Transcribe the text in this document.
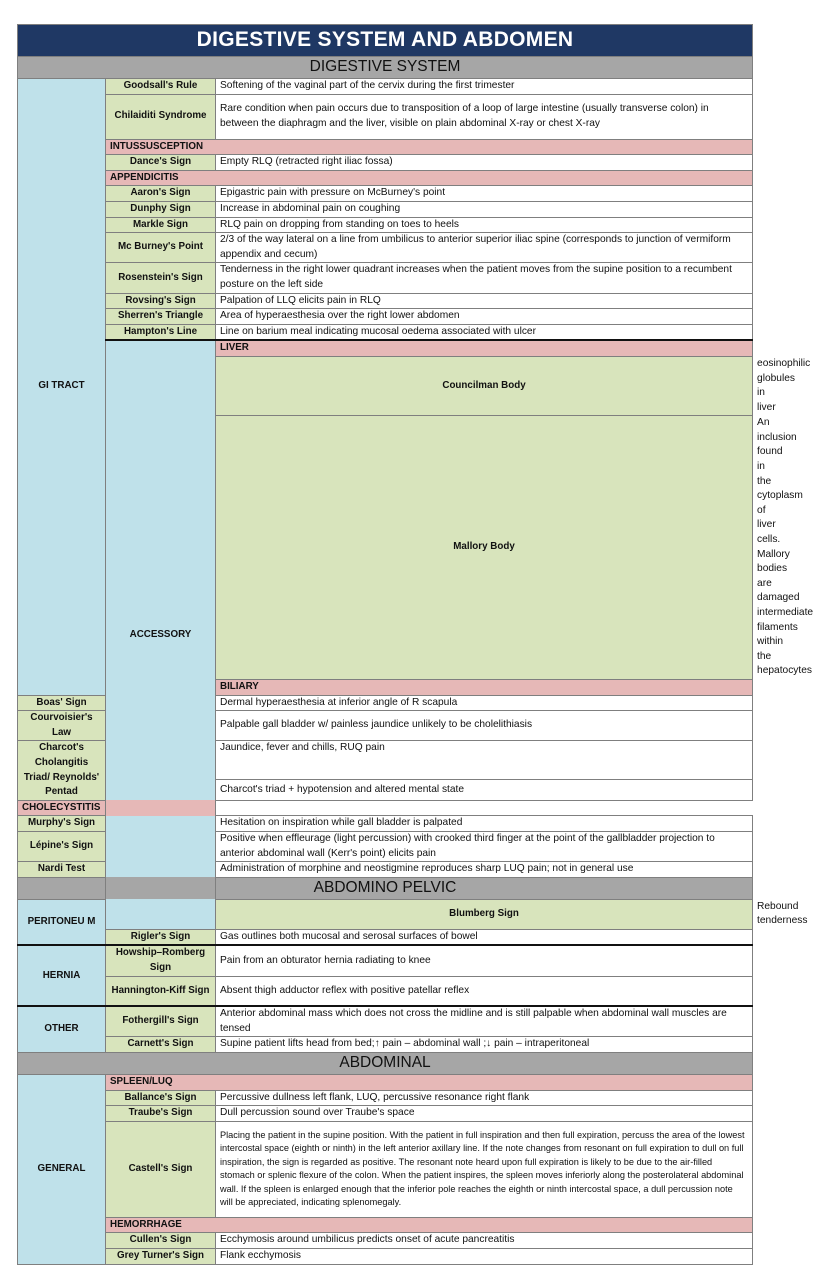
DIGESTIVE SYSTEM AND ABDOMEN			
DIGESTIVE SYSTEM			
GI TRACT	Goodsall's Rule	Softening of the vaginal part of the cervix during the first trimester	
	Chilaiditi Syndrome	Rare condition when pain occurs due to transposition of a loop of large intestine (usually transverse colon) in between the diaphragm and the liver, visible on plain abdominal X-ray or chest X-ray	
	INTUSSUSCEPTION		
	Dance's Sign	Empty RLQ (retracted right iliac fossa)	
	APPENDICITIS		
	Aaron's Sign	Epigastric pain with pressure on McBurney's point	
	Dunphy Sign	Increase in abdominal pain on coughing	
	Markle Sign	RLQ pain on dropping from standing on toes to heels	
	Mc Burney's Point	2/3 of the way lateral on a line from umbilicus to anterior superior iliac spine (corresponds to junction of vermiform appendix and cecum)	
	Rosenstein's Sign	Tenderness in the right lower quadrant increases when the patient moves from the supine position to a recumbent posture on the left side	
	Rovsing's Sign	Palpation of LLQ elicits pain in RLQ	
	Sherren's Triangle	Area of hyperaesthesia over the right lower abdomen	
	Hampton's Line	Line on barium meal indicating mucosal oedema associated with ulcer	
	ACCESSORY	LIVER	
		Councilman Body	eosinophilic globules in liver
		Mallory Body	An inclusion found in the cytoplasm of liver cells. Mallory bodies are damaged intermediate filaments within the hepatocytes
		BILIARY	
Boas' Sign		Dermal hyperaesthesia at inferior angle of R scapula	
Courvoisier's Law		Palpable gall bladder w/ painless jaundice unlikely to be cholelithiasis	
Charcot's Cholangitis Triad/ Reynolds' Pentad		Jaundice, fever and chills, RUQ pain	
		Charcot's triad + hypotension and altered mental state	
CHOLECYSTITIS			
Murphy's Sign		Hesitation on inspiration while gall bladder is palpated	
Lépine's Sign		Positive when effleurage (light percussion) with crooked third finger at the point of the gallbladder projection to anterior abdominal wall (Kerr's point) elicits pain	
Nardi Test		Administration of morphine and neostigmine reproduces sharp LUQ pain; not in general use	
ABDOMINO PELVIC			
PERITONEU M		Blumberg Sign	Rebound tenderness
	Rigler's Sign	Gas outlines both mucosal and serosal surfaces of bowel	
HERNIA	Howship–Romberg Sign	Pain from an obturator hernia radiating to knee	
	Hannington-Kiff Sign	Absent thigh adductor reflex with positive patellar reflex	
OTHER	Fothergill's Sign	Anterior abdominal mass which does not cross the midline and is still palpable when abdominal wall muscles are tensed	
	Carnett's Sign	Supine patient lifts head from bed;↑ pain – abdominal wall ;↓ pain – intraperitoneal	
ABDOMINAL			
GENERAL	SPLEEN/LUQ		
	Ballance's Sign	Percussive dullness left flank, LUQ, percussive resonance right flank	
	Traube's Sign	Dull percussion sound over Traube's space	
	Castell's Sign	Placing the patient in the supine position. With the patient in full inspiration and then full expiration, percuss the area of the lowest intercostal space (eighth or ninth) in the left anterior axillary line. If the note changes from resonant on full expiration to dull on full inspiration, the sign is regarded as positive. The resonant note heard upon full expiration is likely to be due to the air-filled stomach or splenic flexure of the colon. When the patient inspires, the spleen moves inferiorly along the posterolateral abdominal wall. If the spleen is enlarged enough that the inferior pole reaches the eighth or ninth intercostal space, a dull percussion note will be appreciated, indicating splenomegaly.	
	HEMORRHAGE		
	Cullen's Sign	Ecchymosis around umbilicus predicts onset of acute pancreatitis	
	Grey Turner's Sign	Flank ecchymosis	
